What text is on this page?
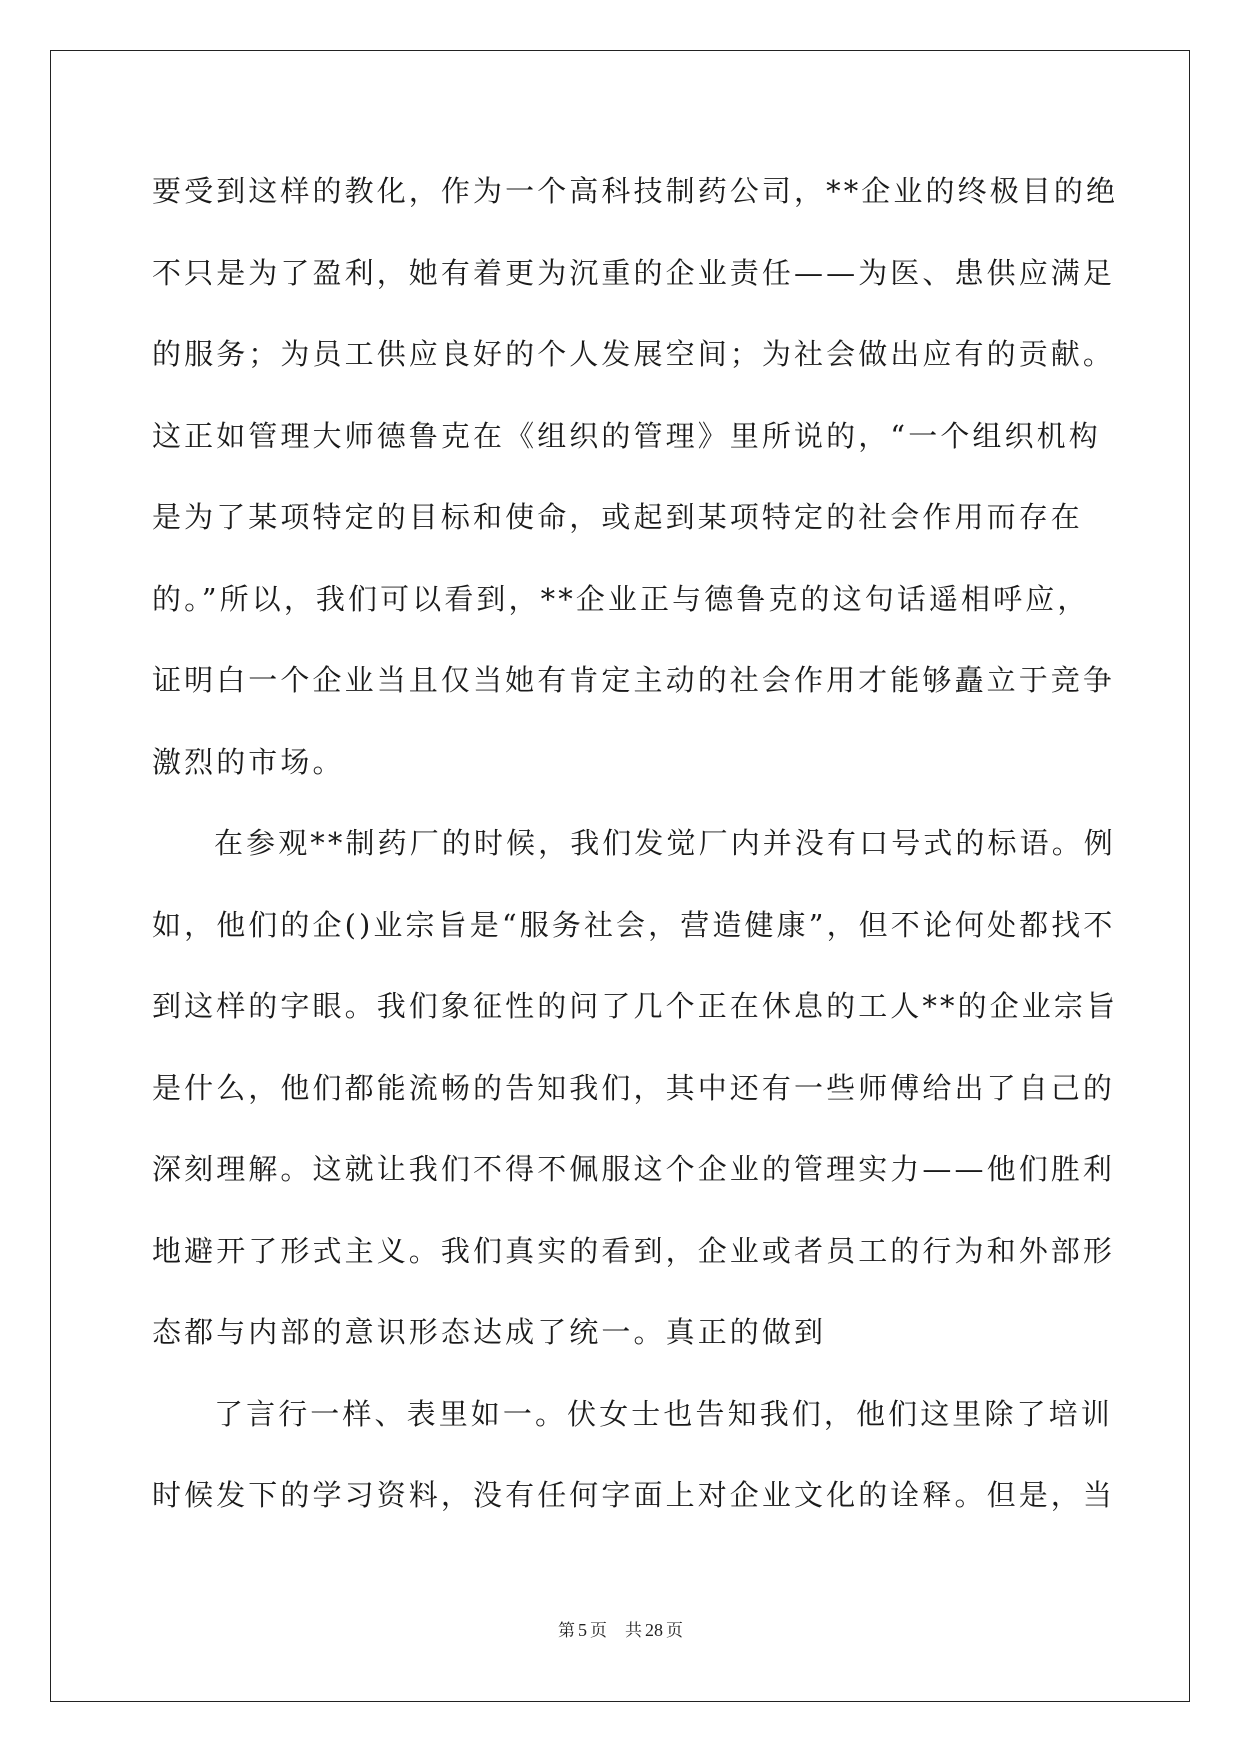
要受到这样的教化，作为一个高科技制药公司，**企业的终极目的绝
不只是为了盈利，她有着更为沉重的企业责任——为医、患供应满足
的服务；为员工供应良好的个人发展空间；为社会做出应有的贡献。
这正如管理大师德鲁克在《组织的管理》里所说的，“一个组织机构
是为了某项特定的目标和使命，或起到某项特定的社会作用而存在
的。”所以，我们可以看到，**企业正与德鲁克的这句话遥相呼应，
证明白一个企业当且仅当她有肯定主动的社会作用才能够矗立于竞争
激烈的市场。
在参观**制药厂的时候，我们发觉厂内并没有口号式的标语。例
如，他们的企()业宗旨是“服务社会，营造健康”，但不论何处都找不
到这样的字眼。我们象征性的问了几个正在休息的工人**的企业宗旨
是什么，他们都能流畅的告知我们，其中还有一些师傅给出了自己的
深刻理解。这就让我们不得不佩服这个企业的管理实力——他们胜利
地避开了形式主义。我们真实的看到，企业或者员工的行为和外部形
态都与内部的意识形态达成了统一。真正的做到
了言行一样、表里如一。伏女士也告知我们，他们这里除了培训
时候发下的学习资料，没有任何字面上对企业文化的诠释。但是，当
第 5 页 共 28 页
